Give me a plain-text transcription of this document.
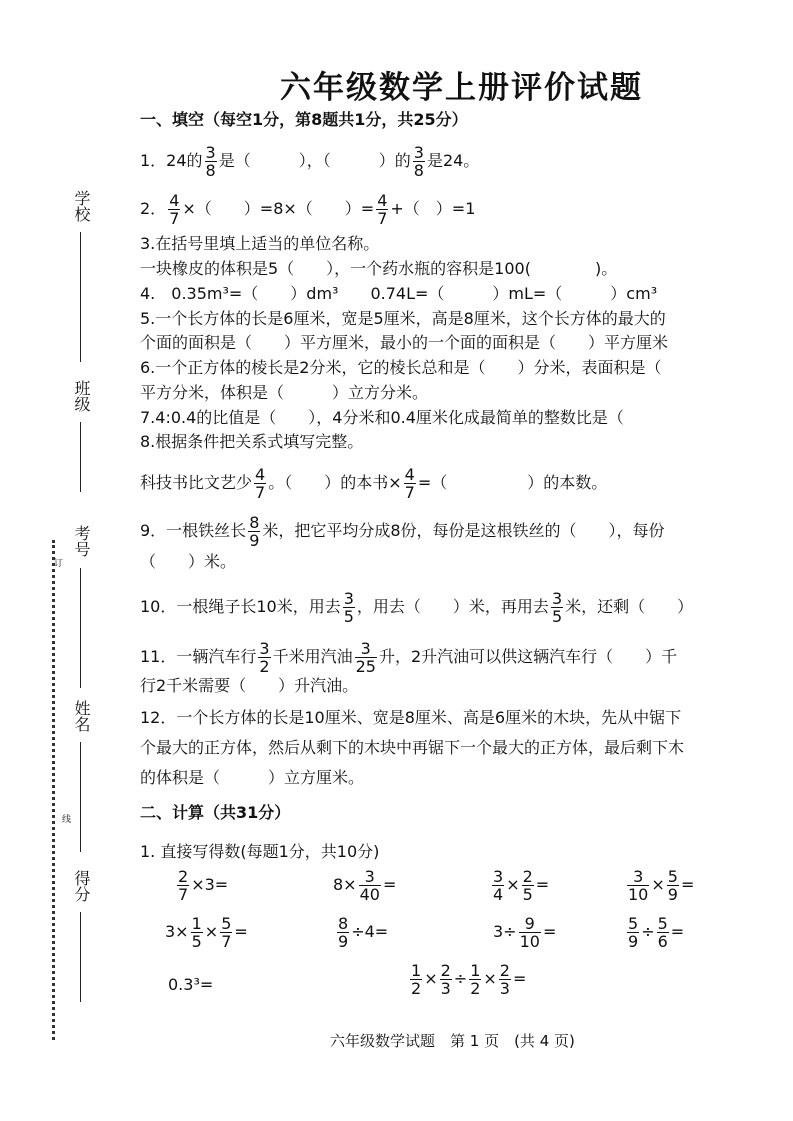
六年级数学上册评价试题
学校
班级
考号
姓名
得分
订
线
一、填空（每空1分，第8题共1分，共25分）
1．24的 $\frac{3}{8}$ 是（　　　），（　　　）的 $\frac{3}{8}$ 是24。
2． $\frac{4}{7}$ ×（　　）=8×（　　）= $\frac{4}{7}$ +（　）=1
3.在括号里填上适当的单位名称。
一块橡皮的体积是5（　　），一个药水瓶的容积是100(　　　　)。
4.　0.35m³=（　　）dm³　　0.74L=（　　　）mL=（　　　）cm³
5.一个长方体的长是6厘米，宽是5厘米，高是8厘米，这个长方体的最大的
个面的面积是（　　）平方厘米，最小的一个面的面积是（　　）平方厘米
6.一个正方体的棱长是2分米，它的棱长总和是（　　）分米，表面积是（
平方分米，体积是（　　　）立方分米。
7.4:0.4的比值是（　　），4分米和0.4厘米化成最简单的整数比是（
8.根据条件把关系式填写完整。
科技书比文艺少 $\frac{4}{7}$ 。（　　）的本书× $\frac{4}{7}$ =（　　　　　）的本数。
9．一根铁丝长 $\frac{8}{9}$ 米，把它平均分成8份，每份是这根铁丝的（　　），每份
（　　）米。
10．一根绳子长10米，用去 $\frac{3}{5}$ ，用去（　　）米，再用去 $\frac{3}{5}$ 米，还剩（　　）
11．一辆汽车行 $\frac{3}{2}$ 千米用汽油 $\frac{3}{25}$ 升，2升汽油可以供这辆汽车行（　　）千
行2千米需要（　　）升汽油。
12．一个长方体的长是10厘米、宽是8厘米、高是6厘米的木块，先从中锯下
个最大的正方体，然后从剩下的木块中再锯下一个最大的正方体，最后剩下木
的体积是（　　　）立方厘米。
二、计算（共31分）
1. 直接写得数(每题1分，共10分)
$\frac{2}{7} \times 3=$	$8\times \frac{3}{40}$ =	$\frac{3}{4} \times \frac{2}{5}$ =	$\frac{3}{10} \times \frac{5}{9}$ =
$3\times \frac{1}{5} \times \frac{5}{7}$ =	$\frac{8}{9} \div 4=$	$3\div \frac{9}{10}$ =	$\frac{5}{9} \div \frac{5}{6}$ =
0.3³=	$\frac{1}{2} \times \frac{2}{3} \div \frac{1}{2} \times \frac{2}{3}$ =
六年级数学试题　第 1 页　(共 4 页)
